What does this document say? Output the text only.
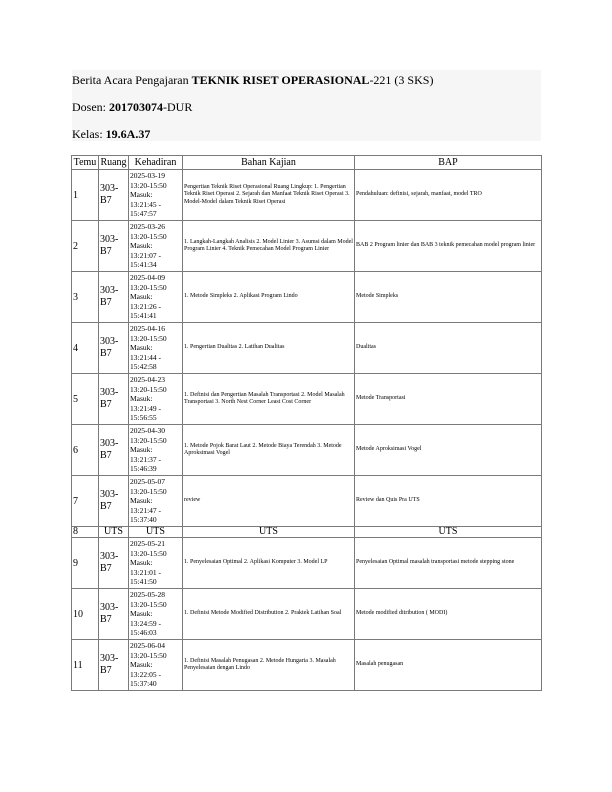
Berita Acara Pengajaran TEKNIK RISET OPERASIONAL-221 (3 SKS)
Dosen: 201703074-DUR
Kelas: 19.6A.37
Temu	Ruang	Kehadiran	Bahan Kajian	BAP
1	303-B7	2025-03-19
13:20-15:50
Masuk:
13:21:45 -
15:47:57	Pengertian Teknik Riset Operasional Ruang Lingkup: 1. Pengertian Teknik Riset Operasi 2. Sejarah dan Manfaat Teknik Riset Operasi 3. Model-Model dalam Teknik Riset Operasi	Pendahuluan: definisi, sejarah, manfaat, model TRO
2	303-B7	2025-03-26
13:20-15:50
Masuk:
13:21:07 -
15:41:34	1. Langkah-Langkah Analisis 2. Model Linier 3. Asumsi dalam Model Program Linier 4. Teknik Pemecahan Model Program Linier	BAB 2 Program linier dan BAB 3 teknik pemecahan model program linier
3	303-B7	2025-04-09
13:20-15:50
Masuk:
13:21:26 -
15:41:41	1. Metode Simpleks 2. Aplikasi Program Lindo	Metode Simpleks
4	303-B7	2025-04-16
13:20-15:50
Masuk:
13:21:44 -
15:42:58	1. Pengertian Dualitas 2. Latihan Dualitas	Dualitas
5	303-B7	2025-04-23
13:20-15:50
Masuk:
13:21:49 -
15:56:55	1. Definisi dan Pengertian Masalah Transportasi 2. Model Masalah Transportasi 3. North Nest Corner Least Cost Corner	Metode Transportasi
6	303-B7	2025-04-30
13:20-15:50
Masuk:
13:21:37 -
15:46:39	1. Metode Pojok Barat Laut 2. Metode Biaya Terendah 3. Metode Aproksimasi Vogel	Metode Aproksimasi Vogel
7	303-B7	2025-05-07
13:20-15:50
Masuk:
13:21:47 -
15:37:40	review	Review dan Quis Pra UTS
8	UTS	UTS	UTS	UTS
9	303-B7	2025-05-21
13:20-15:50
Masuk:
13:21:01 -
15:41:50	1. Penyelesaian Optimal 2. Aplikasi Komputer 3. Model LP	Penyelesaian Optimal masalah transportasi metode stepping stone
10	303-B7	2025-05-28
13:20-15:50
Masuk:
13:24:59 -
15:46:03	1. Definisi Metode Modified Distribution 2. Praktek Latihan Soal	Metode modified ditribution ( MODI)
11	303-B7	2025-06-04
13:20-15:50
Masuk:
13:22:05 -
15:37:40	1. Definisi Masalah Penugasan 2. Metode Hungaria 3. Masalah Penyelesaian dengan Lindo	Masalah penugasan
